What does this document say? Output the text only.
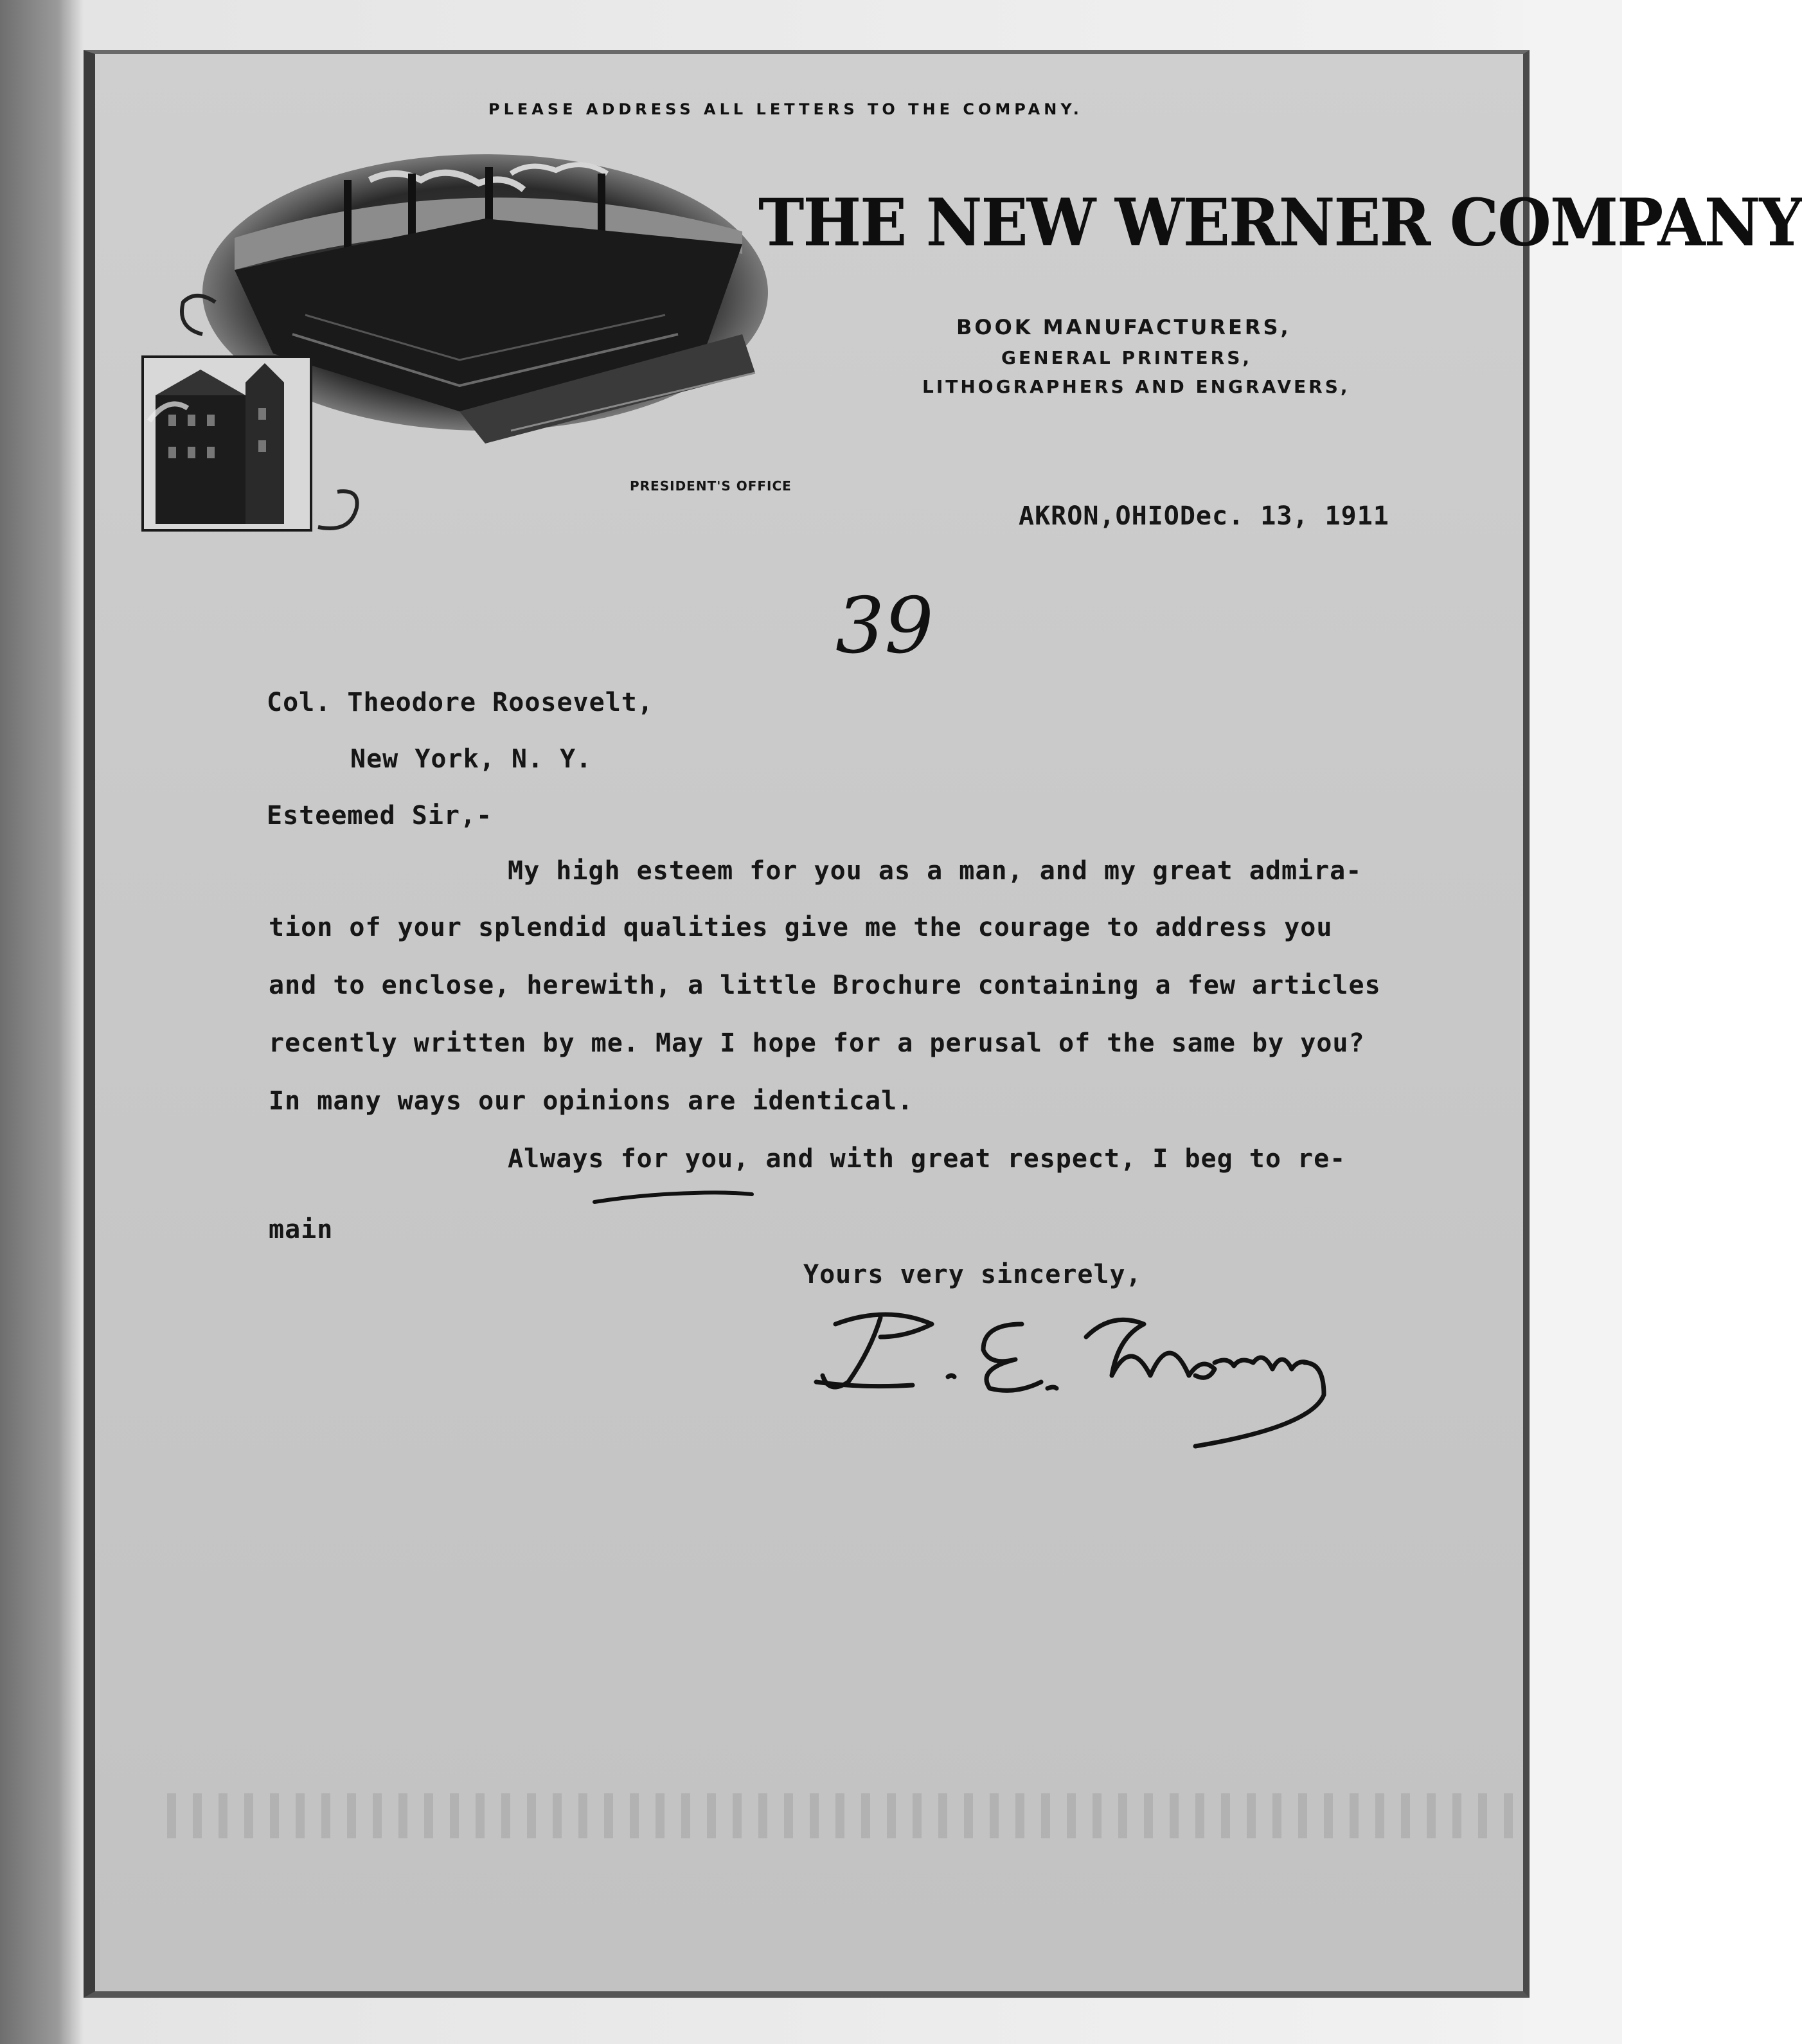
PLEASE ADDRESS ALL LETTERS TO THE COMPANY.
THE NEW WERNER COMPANY
BOOK MANUFACTURERS,
GENERAL PRINTERS,
LITHOGRAPHERS AND ENGRAVERS,
PRESIDENT'S OFFICE
AKRON,OHIODec. 13, 1911
39
Col. Theodore Roosevelt,
New York, N. Y.
Esteemed Sir,-
My high esteem for you as a man, and my great admira-
tion of your splendid qualities give me the courage to address you
and to enclose, herewith, a little Brochure containing a few articles
recently written by me. May I hope for a perusal of the same by you?
In many ways our opinions are identical.
Always for you, and with great respect, I beg to re-
main
Yours very sincerely,
